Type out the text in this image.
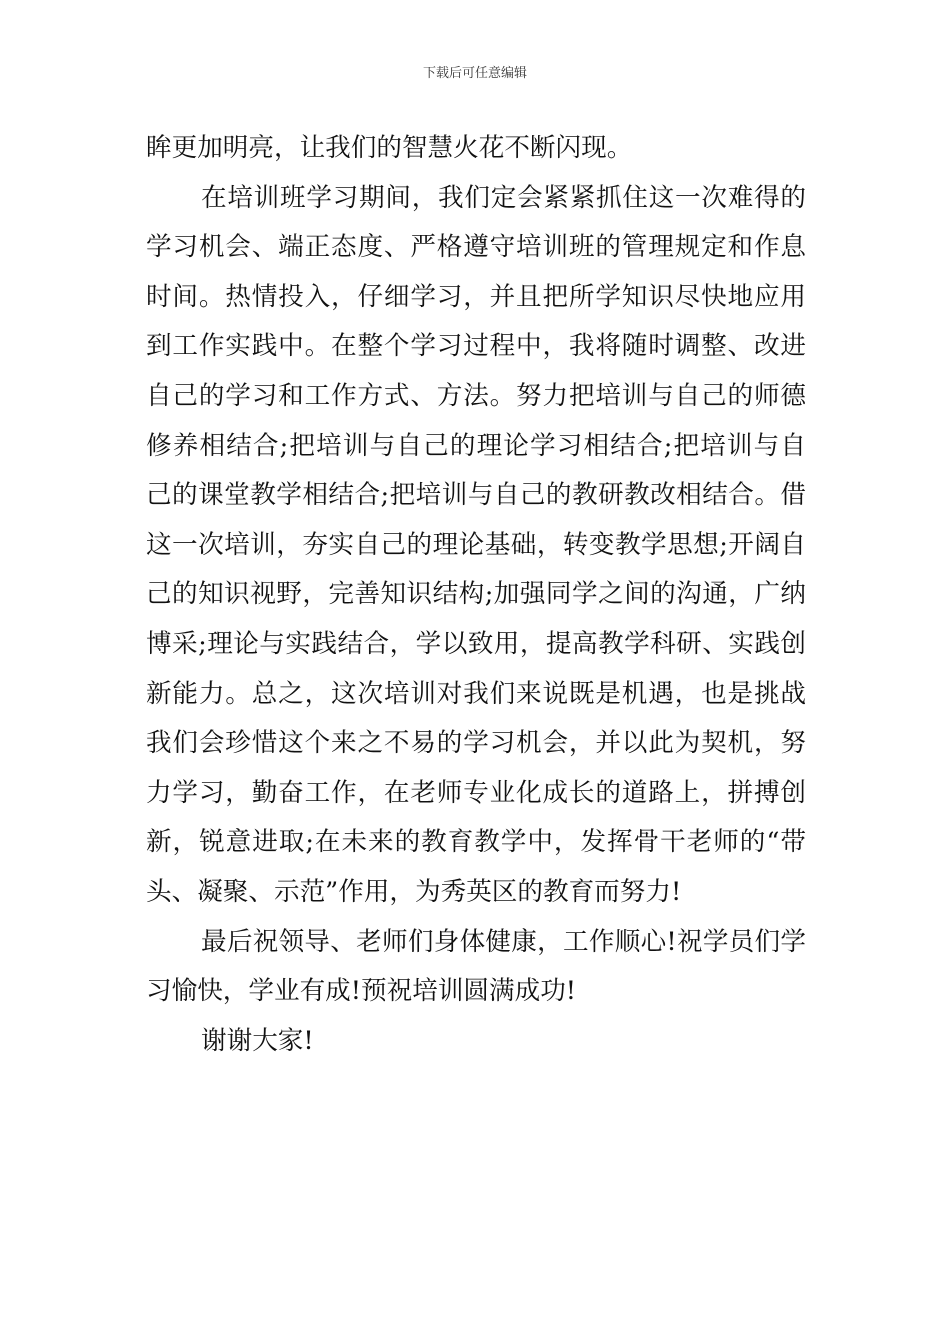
下载后可任意编辑
眸更加明亮，让我们的智慧火花不断闪现。
在培训班学习期间，我们定会紧紧抓住这一次难得的
学习机会、端正态度、严格遵守培训班的管理规定和作息
时间。热情投入，仔细学习，并且把所学知识尽快地应用
到工作实践中。在整个学习过程中，我将随时调整、改进
自己的学习和工作方式、方法。努力把培训与自己的师德
修养相结合;把培训与自己的理论学习相结合;把培训与自
己的课堂教学相结合;把培训与自己的教研教改相结合。借
这一次培训，夯实自己的理论基础，转变教学思想;开阔自
己的知识视野，完善知识结构;加强同学之间的沟通，广纳
博采;理论与实践结合，学以致用，提高教学科研、实践创
新能力。总之，这次培训对我们来说既是机遇，也是挑战
我们会珍惜这个来之不易的学习机会，并以此为契机，努
力学习，勤奋工作，在老师专业化成长的道路上，拼搏创
新，锐意进取;在未来的教育教学中，发挥骨干老师的“带
头、凝聚、示范”作用，为秀英区的教育而努力!
最后祝领导、老师们身体健康，工作顺心!祝学员们学
习愉快，学业有成!预祝培训圆满成功!
谢谢大家!
